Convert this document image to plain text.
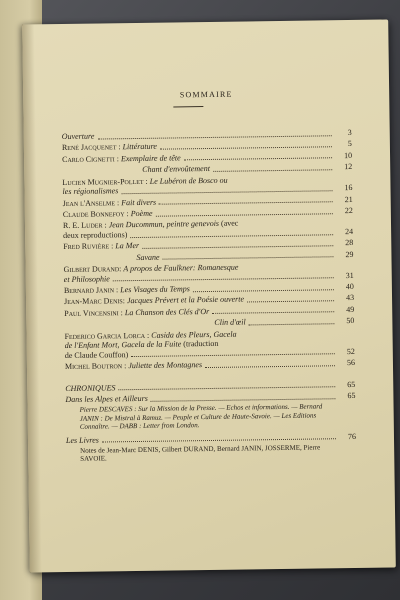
SOMMAIRE
Ouverture	3
René Jacquenet : Littérature	5
Carlo Cignetti : Exemplaire de tête	10
Chant d'envoûtement	12
Lucien Mugnier-Pollet : Le Lubéron de Bosco ou
les régionalismes	16
Jean l'Anselme : Fait divers	21
Claude Bonnefoy : Poème	22
R. E. Luder : Jean Ducommun, peintre genevois (avec
deux reproductions)	24
Fred Ruvière : La Mer	28
Savane	29
Gilbert Durand: A propos de Faulkner: Romanesque
et Philosophie	31
Bernard Janin : Les Visages du Temps	40
Jean-Marc Denis: Jacques Prévert et la Poésie ouverte	43
Paul Vincensini : La Chanson des Clés d'Or	49
Clin d'œil	50
Federico Garcia Lorca : Casida des Pleurs, Gacela
de l'Enfant Mort, Gacela de la Fuite (traduction
de Claude Couffon)	52
Michel Boutron : Juliette des Montagnes	56
CHRONIQUES	65
Dans les Alpes et Ailleurs	65
Pierre DESCAVES : Sur la Mission de la Presse. — Echos et informations. — Bernard JANIN : De Mistral à Ramuz. — Peuple et Culture de Haute-Savoie. — Les Editions Connaître. — DABB : Letter from London.
Les Livres	76
Notes de Jean-Marc DENIS, Gilbert DURAND, Bernard JANIN, JOSSERME, Pierre SAVOIE.
